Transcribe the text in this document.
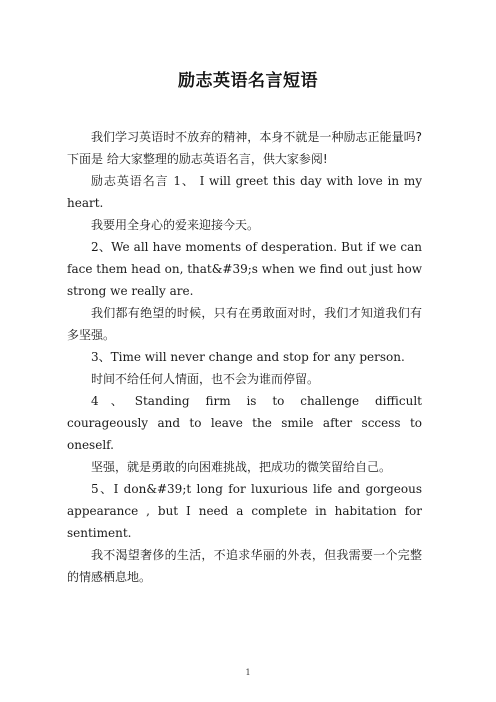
励志英语名言短语

我们学习英语时不放弃的精神，本身不就是一种励志正能量吗?下面是 给大家整理的励志英语名言，供大家参阅!

励志英语名言 1、 I will greet this day with love in my heart.

我要用全身心的爱来迎接今天。

2、We all have moments of desperation. But if we can face them head on, that&#39;s when we find out just how strong we really are.

我们都有绝望的时候，只有在勇敢面对时，我们才知道我们有多坚强。

3、Time will never change and stop for any person.

时间不给任何人情面，也不会为谁而停留。

4、Standing firm is to challenge difficult courageously and to leave the smile after sccess to oneself.

坚强，就是勇敢的向困难挑战，把成功的微笑留给自己。

5、I don&#39;t long for luxurious life and gorgeous appearance , but I need a complete in habitation for sentiment.

我不渴望奢侈的生活，不追求华丽的外表，但我需要一个完整的情感栖息地。

1
